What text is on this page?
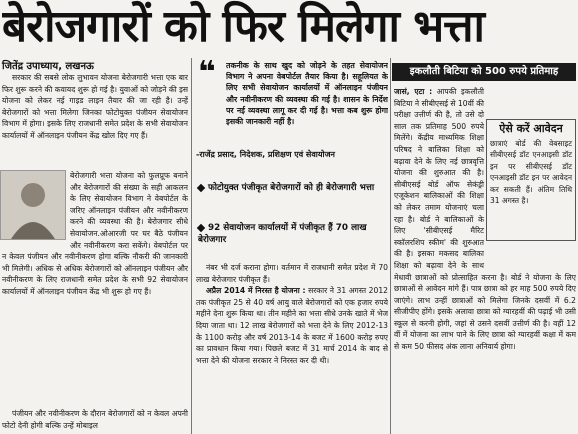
बेरोजगारों को फिर मिलेगा भत्ता
जितेंद्र उपाध्याय, लखनऊ

सरकार की सबसे लोक लुभावन योजना बेरोजगारी भत्ता एक बार फिर शुरू करने की कवायद शुरू हो गई है। युवाओं को जोड़ने की इस योजना को लेकर नई गाइड लाइन तैयार की जा रही है। उन्हें बेरोजगारों को भत्ता मिलेगा जिनका फोटोयुक्त पंजीयन सेवायोजन विभाग में होगा। इसके लिए राजधानी समेत प्रदेश के सभी सेवायोजन कार्यालयों में ऑनलाइन पंजीयन केंद्र खोल दिए गए हैं।

बेरोजगारी भत्ता योजना को फुलप्रूफ बनाने और बेरोजगारों की संख्या के सही आकलन के लिए सेवायोजन विभाग ने वेबपोर्टल के जरिए ऑनलाइन पंजीयन और नवीनीकरण करने की व्यवस्था की है। बेरोजगार सीधे सेवायोजन.ओआरजी पर घर बैठे पंजीयन और नवीनीकरण करा सकेंगे। वेबपोर्टल पर न केवल पंजीयन और नवीनीकरण होगा बल्कि नौकरी की जानकारी भी मिलेगी। अधिक से अधिक बेरोजगारों को ऑनलाइन पंजीयन और नवीनीकरण के लिए राजधानी समेत प्रदेश के सभी 92 सेवायोजन कार्यालयों में ऑनलाइन पंजीयन केंद्र भी शुरू हो गए हैं।

पंजीयन और नवीनीकरण के दौरान बेरोजगारों को न केवल अपनी फोटो देनी होगी बल्कि उन्हें मोबाइल

❝ तकनीक के साथ खुद को जोड़ने के तहत सेवायोजन विभाग ने अपना वेबपोर्टल तैयार किया है। सहूलियत के लिए सभी सेवायोजन कार्यालयों में ऑनलाइन पंजीयन और नवीनीकरण की व्यवस्था की गई है। शासन के निर्देश पर नई व्यवस्था लागू कर दी गई है। भत्ता कब शुरू होगा इसकी जानकारी नहीं है।
-राजेंद्र प्रसाद, निदेशक, प्रशिक्षण एवं सेवायोजन
फोटोयुक्त पंजीकृत बेरोजगारों को ही बेरोजगारी भत्ता
92 सेवायोजन कार्यालयों में पंजीकृत हैं 70 लाख बेरोजगार

नंबर भी दर्ज कराना होगा। वर्तमान में राजधानी समेत प्रदेश में 70 लाख बेरोजगार पंजीकृत हैं।

अप्रैल 2014 में निरस्त है योजना : सरकार ने 31 अगस्त 2012 तक पंजीकृत 25 से 40 वर्ष आयु वाले बेरोजगारों को एक हजार रुपये महीने देना शुरू किया था। तीन महीने का भत्ता सीधे उनके खाते में भेज दिया जाता था। 12 लाख बेरोजगारों को भत्ता देने के लिए 2012-13 के 1100 करोड़ और वर्ष 2013-14 के बजट में 1600 करोड़ रुपए का प्रावधान किया गया। पिछले बजट में 31 मार्च 2014 के बाद से भत्ता देने की योजना सरकार ने निरस्त कर दी थी।

इकलौती बिटिया को 500 रुपये प्रतिमाह
ऐसे करें आवेदन
छात्राएं बोर्ड की वेबसाइट सीबीएसई डॉट एनआइसी डॉट इन पर सीबीएसई डॉट एनआइसी डॉट इन पर आवेदन कर सकती हैं। अंतिम तिथि 31 अगस्त है।

जासं, एटा : आपकी इकलौती बिटिया ने सीबीएसई से 10वीं की परीक्षा उत्तीर्ण की है, तो उसे दो साल तक प्रतिमाह 500 रुपये मिलेंगे। केंद्रीय माध्यमिक शिक्षा परिषद ने बालिका शिक्षा को बढ़ावा देने के लिए नई छात्रवृत्ति योजना की शुरुआत की है। सीबीएसई बोर्ड ऑफ सेकंड्री एजूकेशन बालिकाओं की शिक्षा को लेकर तमाम योजनाएं चला रहा है। बोर्ड ने बालिकाओं के लिए 'सीबीएसई मैरिट स्कॉलरशिप स्कीम' की शुरुआत की है। इसका मकसद बालिका शिक्षा को बढ़ावा देने के साथ मेधावी छात्राओं को प्रोत्साहित करना है। बोर्ड ने योजना के लिए छात्राओं से आवेदन मांगे हैं। पात्र छात्रा को हर माह 500 रुपये दिए जाएंगे। लाभ उन्हीं छात्राओं को मिलेगा जिनके दसवीं में 6.2 सीजीपीए होंगे। इसके अलावा छात्रा को ग्यारहवीं की पढ़ाई भी उसी स्कूल से करनी होगी, जहां से उसने दसवीं उत्तीर्ण की है। वहीं 12 वीं में योजना का लाभ पाने के लिए छात्रा को ग्यारहवीं कक्षा में कम से कम 50 फीसद अंक लाना अनिवार्य होगा।
